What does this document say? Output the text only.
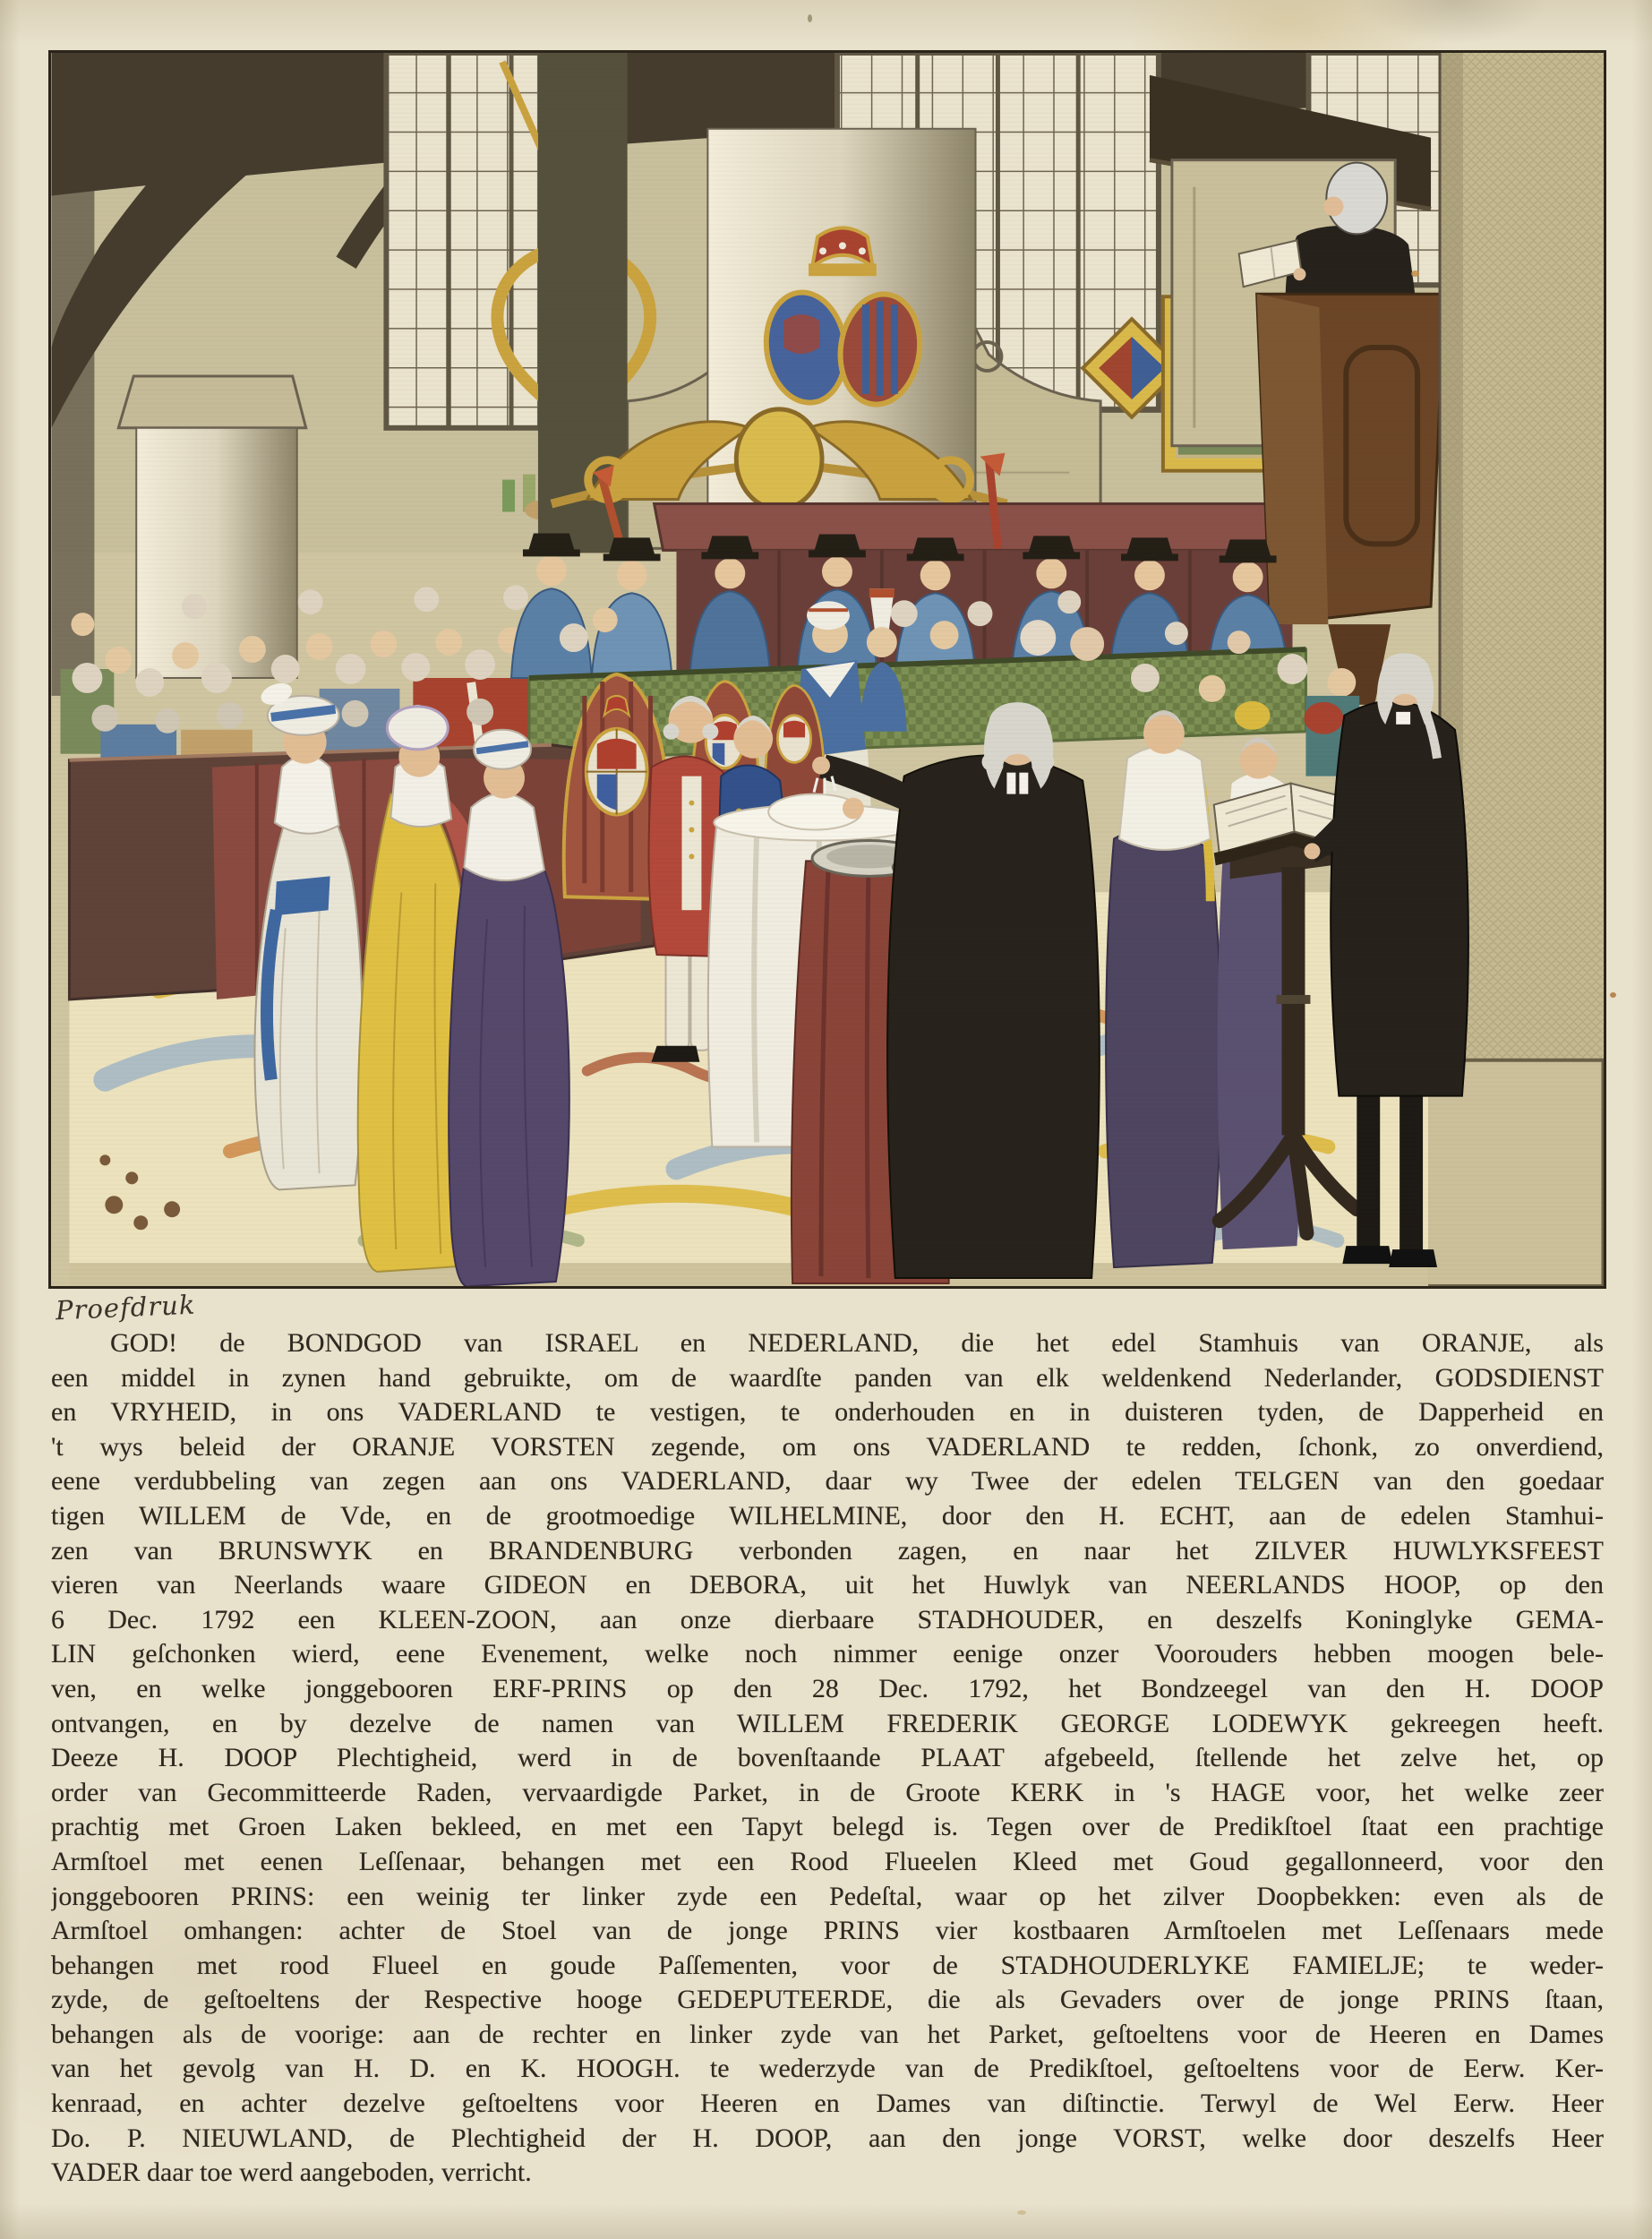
Proefdruk
GOD! de BONDGOD van ISRAEL en NEDERLAND, die het edel Stamhuis van ORANJE, als
een middel in zynen hand gebruikte, om de waardſte panden van elk weldenkend Nederlander, GODSDIENST
en VRYHEID, in ons VADERLAND te vestigen, te onderhouden en in duisteren tyden, de Dapperheid en
't wys beleid der ORANJE VORSTEN zegende, om ons VADERLAND te redden, ſchonk, zo onverdiend,
eene verdubbeling van zegen aan ons VADERLAND, daar wy Twee der edelen TELGEN van den goedaar
tigen WILLEM de Vde, en de grootmoedige WILHELMINE, door den H. ECHT, aan de edelen Stamhui-
zen van BRUNSWYK en BRANDENBURG verbonden zagen, en naar het ZILVER HUWLYKSFEEST
vieren van Neerlands waare GIDEON en DEBORA, uit het Huwlyk van NEERLANDS HOOP, op den
6 Dec. 1792 een KLEEN-ZOON, aan onze dierbaare STADHOUDER, en deszelfs Koninglyke GEMA-
LIN geſchonken wierd, eene Evenement, welke noch nimmer eenige onzer Voorouders hebben moogen bele-
ven, en welke jonggebooren ERF-PRINS op den 28 Dec. 1792, het Bondzeegel van den H. DOOP
ontvangen, en by dezelve de namen van WILLEM FREDERIK GEORGE LODEWYK gekreegen heeft.
Deeze H. DOOP Plechtigheid, werd in de bovenſtaande PLAAT afgebeeld, ſtellende het zelve het, op
order van Gecommitteerde Raden, vervaardigde Parket, in de Groote KERK in 's HAGE voor, het welke zeer
prachtig met Groen Laken bekleed, en met een Tapyt belegd is. Tegen over de Predikſtoel ſtaat een prachtige
Armſtoel met eenen Leſſenaar, behangen met een Rood Flueelen Kleed met Goud gegallonneerd, voor den
jonggebooren PRINS: een weinig ter linker zyde een Pedeſtal, waar op het zilver Doopbekken: even als de
Armſtoel omhangen: achter de Stoel van de jonge PRINS vier kostbaaren Armſtoelen met Leſſenaars mede
behangen met rood Flueel en goude Paſſementen, voor de STADHOUDERLYKE FAMIELJE; te weder-
zyde, de geſtoeltens der Respective hooge GEDEPUTEERDE, die als Gevaders over de jonge PRINS ſtaan,
behangen als de voorige: aan de rechter en linker zyde van het Parket, geſtoeltens voor de Heeren en Dames
van het gevolg van H. D. en K. HOOGH. te wederzyde van de Predikſtoel, geſtoeltens voor de Eerw. Ker-
kenraad, en achter dezelve geſtoeltens voor Heeren en Dames van diſtinctie. Terwyl de Wel Eerw. Heer
Do. P. NIEUWLAND, de Plechtigheid der H. DOOP, aan den jonge VORST, welke door deszelfs Heer
VADER daar toe werd aangeboden, verricht.
